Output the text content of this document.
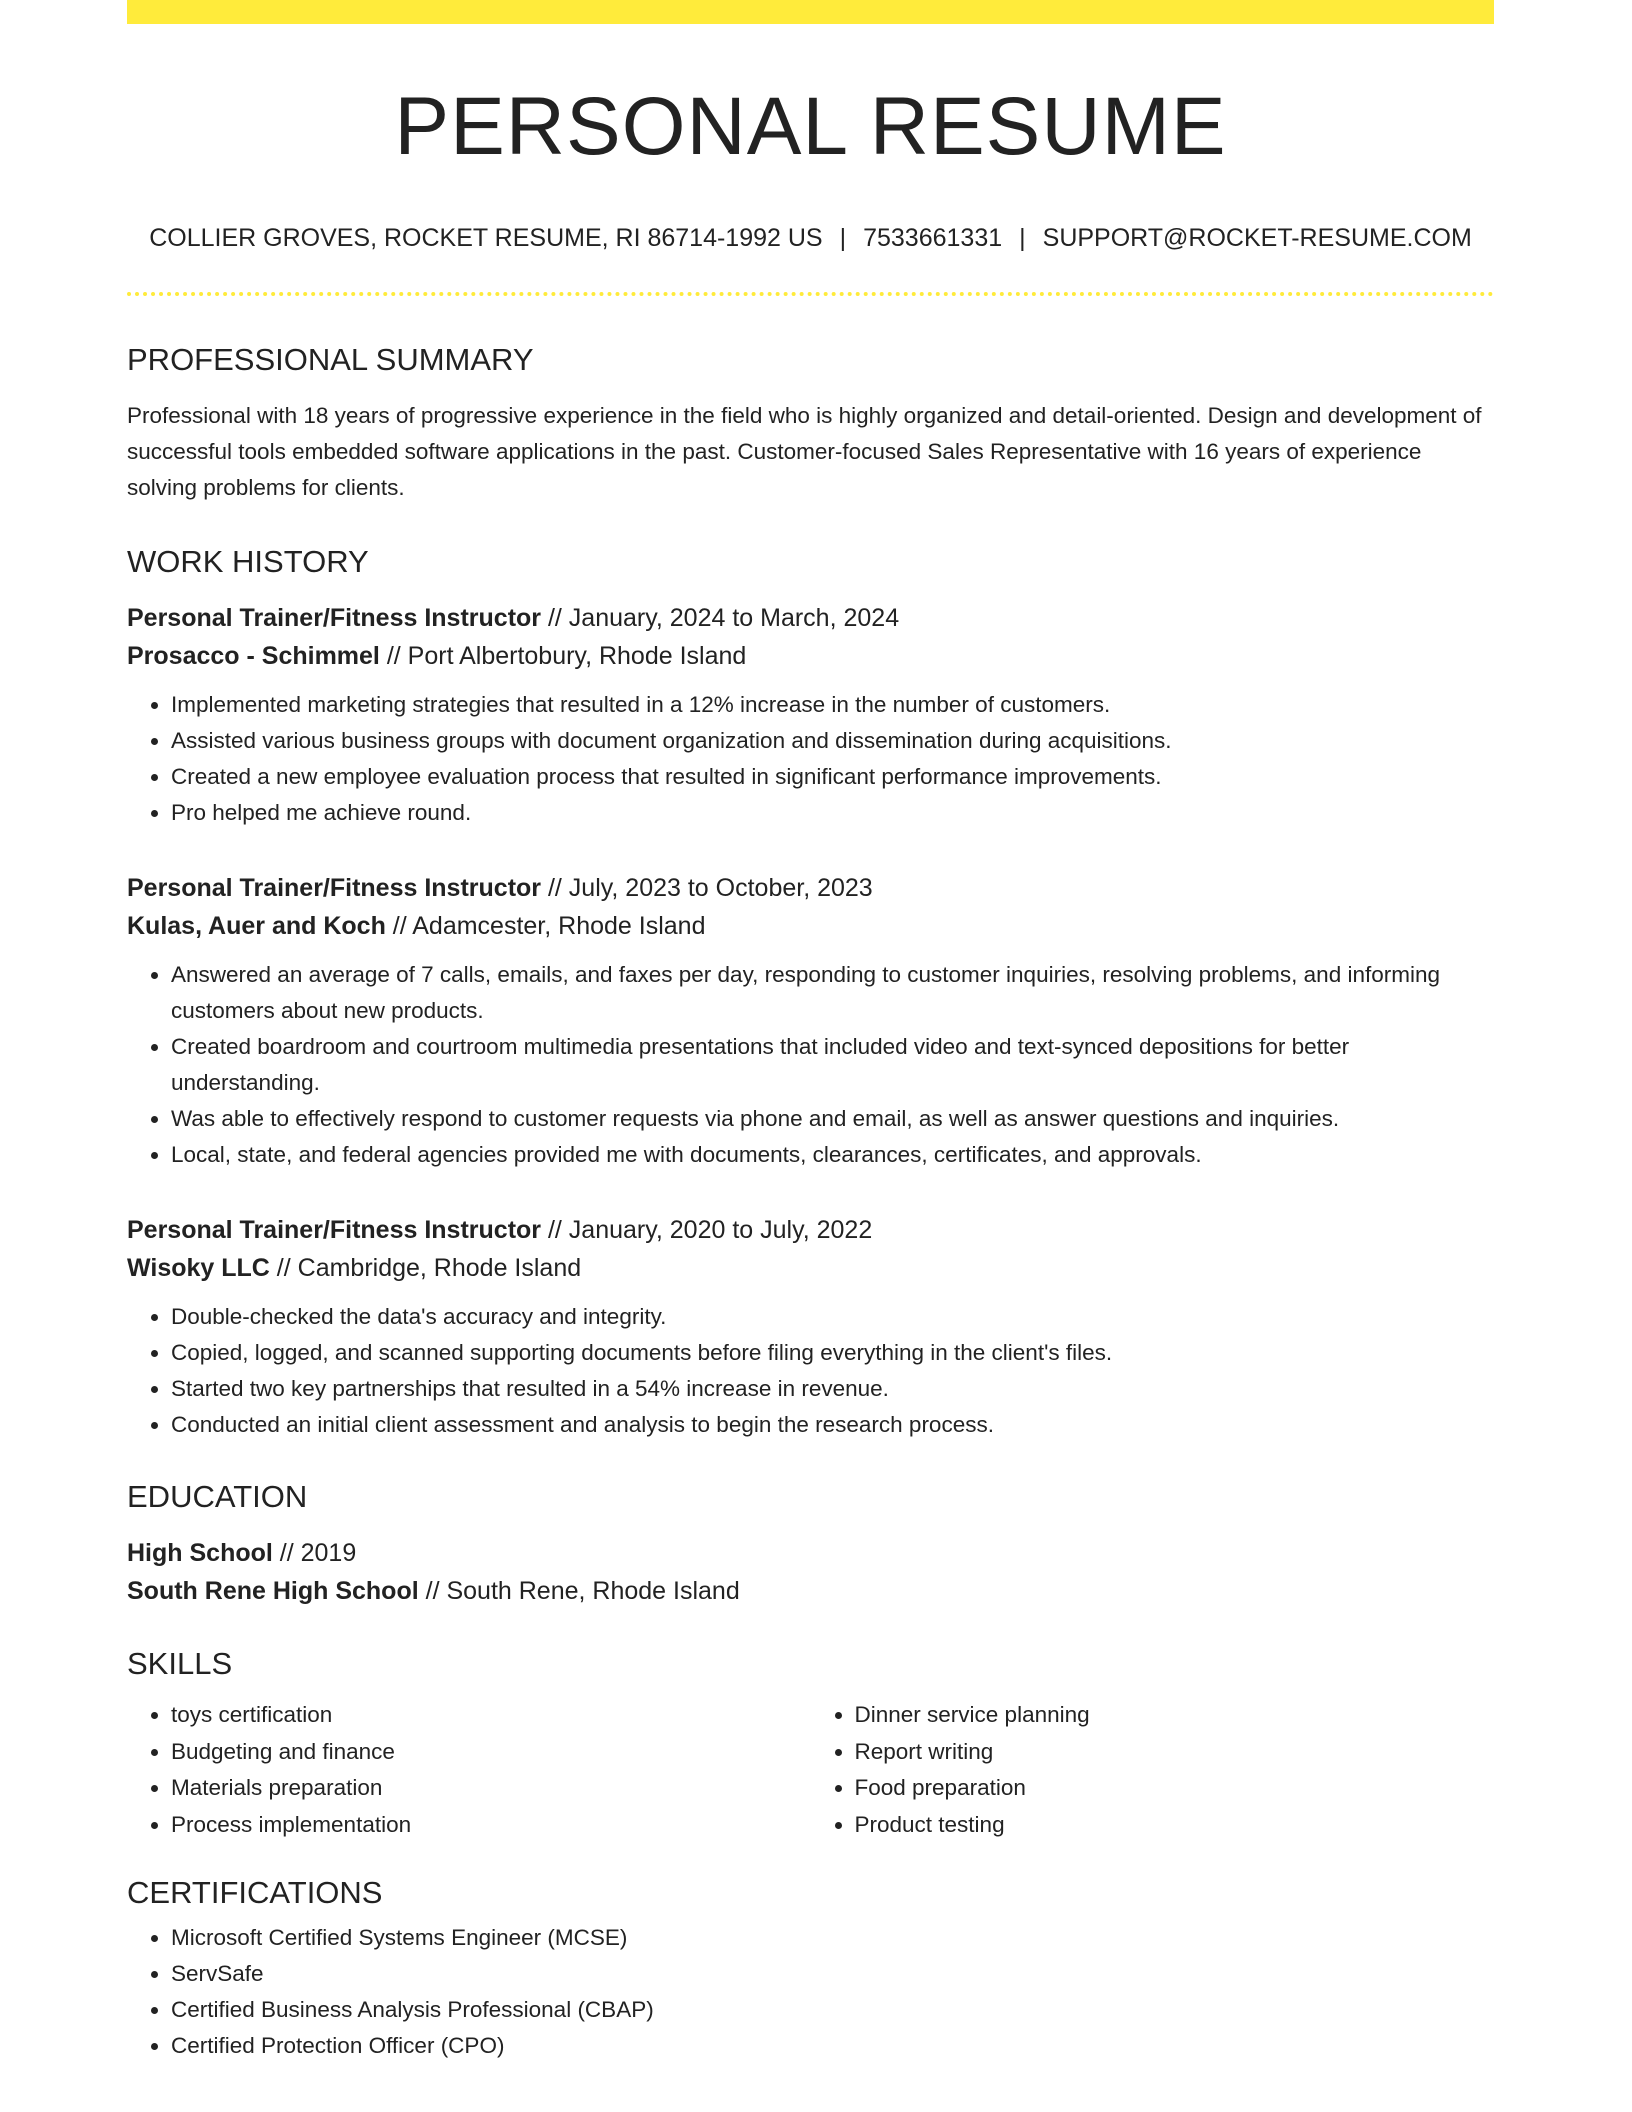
PERSONAL RESUME
COLLIER GROVES, ROCKET RESUME, RI 86714-1992 US | 7533661331 | SUPPORT@ROCKET-RESUME.COM
PROFESSIONAL SUMMARY

Professional with 18 years of progressive experience in the field who is highly organized and detail-oriented. Design and development of successful tools embedded software applications in the past. Customer-focused Sales Representative with 16 years of experience solving problems for clients.

WORK HISTORY
Personal Trainer/Fitness Instructor // January, 2024 to March, 2024
Prosacco - Schimmel // Port Albertobury, Rhode Island
• Implemented marketing strategies that resulted in a 12% increase in the number of customers.
• Assisted various business groups with document organization and dissemination during acquisitions.
• Created a new employee evaluation process that resulted in significant performance improvements.
• Pro helped me achieve round.
Personal Trainer/Fitness Instructor // July, 2023 to October, 2023
Kulas, Auer and Koch // Adamcester, Rhode Island
• Answered an average of 7 calls, emails, and faxes per day, responding to customer inquiries, resolving problems, and informing customers about new products.
• Created boardroom and courtroom multimedia presentations that included video and text-synced depositions for better understanding.
• Was able to effectively respond to customer requests via phone and email, as well as answer questions and inquiries.
• Local, state, and federal agencies provided me with documents, clearances, certificates, and approvals.
Personal Trainer/Fitness Instructor // January, 2020 to July, 2022
Wisoky LLC // Cambridge, Rhode Island
• Double-checked the data's accuracy and integrity.
• Copied, logged, and scanned supporting documents before filing everything in the client's files.
• Started two key partnerships that resulted in a 54% increase in revenue.
• Conducted an initial client assessment and analysis to begin the research process.
EDUCATION
High School // 2019
South Rene High School // South Rene, Rhode Island
SKILLS
• toys certification
• Budgeting and finance
• Materials preparation
• Process implementation
• Dinner service planning
• Report writing
• Food preparation
• Product testing
CERTIFICATIONS
• Microsoft Certified Systems Engineer (MCSE)
• ServSafe
• Certified Business Analysis Professional (CBAP)
• Certified Protection Officer (CPO)
